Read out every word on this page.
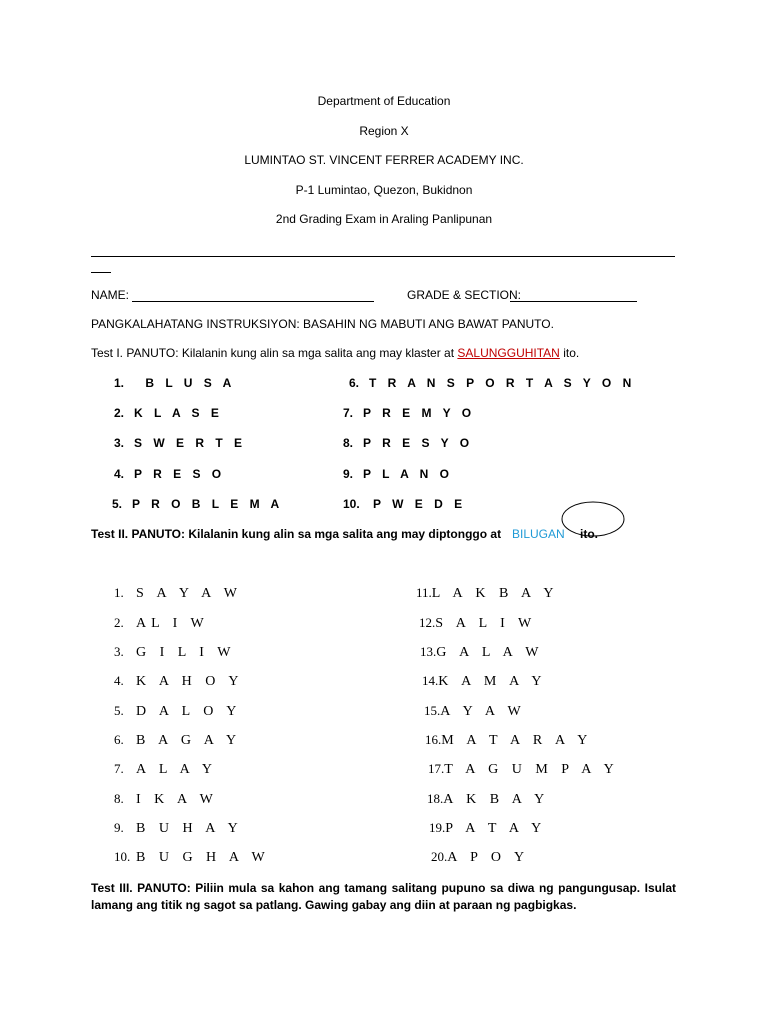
Department of Education
Region X
LUMINTAO ST. VINCENT FERRER ACADEMY INC.
P-1 Lumintao, Quezon, Bukidnon
2nd Grading Exam in Araling Panlipunan
NAME:	GRADE & SECTION:
PANGKALAHATANG INSTRUKSIYON: BASAHIN NG MABUTI ANG BAWAT PANUTO.
Test I. PANUTO: Kilalanin kung alin sa mga salita ang may klaster at SALUNGGUHITAN ito.
1. B L U S A
2. K L A S E
3. S W E R T E
4. P R E S O
5. P R O B L E M A
6. T R A N S P O R T A S Y O N
7. P R E M Y O
8. P R E S Y O
9. P L A N O
10. P W E D E
Test II. PANUTO: Kilalanin kung alin sa mga salita ang may diptonggo at BILUGAN ito.
1. S A Y A W
2. AL I W
3. G I L I W
4. K A H O Y
5. D A L O Y
6. B A G A Y
7. A L A Y
8. I K A W
9. B U H A Y
10. B U G H A W
11.L A K B A Y
12.S A L I W
13.G A L A W
14.K A M A Y
15.A Y A W
16.M A T A R A Y
17.T A G U M P A Y
18.A K B A Y
19.P A T A Y
20.A P O Y
Test III. PANUTO: Piliin mula sa kahon ang tamang salitang pupuno sa diwa ng pangungusap. Isulat lamang ang titik ng sagot sa patlang. Gawing gabay ang diin at paraan ng pagbigkas.
